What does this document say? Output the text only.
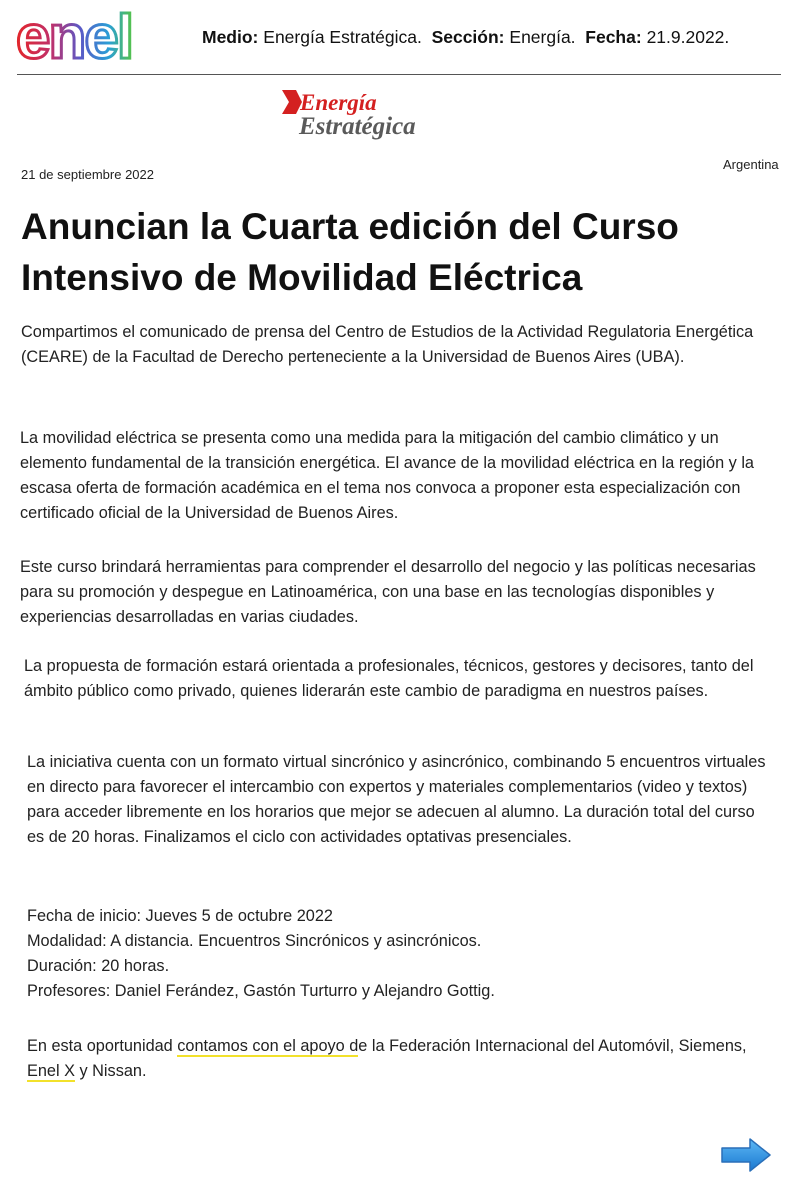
enel	Medio: Energía Estratégica. Sección: Energía. Fecha: 21.9.2022.
Energía
Estratégica
21 de septiembre 2022
Argentina
Anuncian la Cuarta edición del Curso Intensivo de Movilidad Eléctrica

Compartimos el comunicado de prensa del Centro de Estudios de la Actividad Regulatoria Energética (CEARE) de la Facultad de Derecho perteneciente a la Universidad de Buenos Aires (UBA).

La movilidad eléctrica se presenta como una medida para la mitigación del cambio climático y un elemento fundamental de la transición energética. El avance de la movilidad eléctrica en la región y la escasa oferta de formación académica en el tema nos convoca a proponer esta especialización con certificado oficial de la Universidad de Buenos Aires.

Este curso brindará herramientas para comprender el desarrollo del negocio y las políticas necesarias para su promoción y despegue en Latinoamérica, con una base en las tecnologías disponibles y experiencias desarrolladas en varias ciudades.

La propuesta de formación estará orientada a profesionales, técnicos, gestores y decisores, tanto del ámbito público como privado, quienes liderarán este cambio de paradigma en nuestros países.

La iniciativa cuenta con un formato virtual sincrónico y asincrónico, combinando 5 encuentros virtuales en directo para favorecer el intercambio con expertos y materiales complementarios (video y textos) para acceder libremente en los horarios que mejor se adecuen al alumno. La duración total del curso es de 20 horas. Finalizamos el ciclo con actividades optativas presenciales.

Fecha de inicio: Jueves 5 de octubre 2022
Modalidad: A distancia. Encuentros Sincrónicos y asincrónicos.
Duración: 20 horas.
Profesores: Daniel Ferández, Gastón Turturro y Alejandro Gottig.

En esta oportunidad contamos con el apoyo de la Federación Internacional del Automóvil, Siemens, Enel X y Nissan.
